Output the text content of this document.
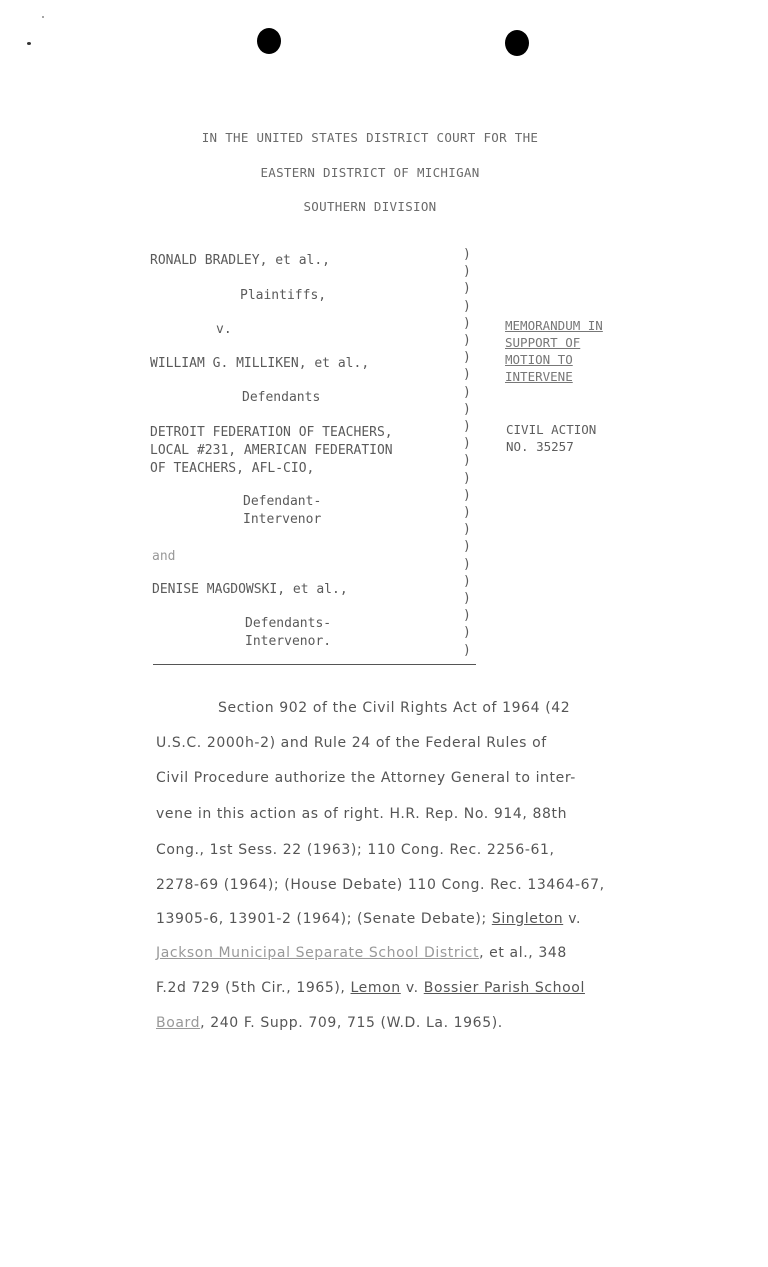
IN THE UNITED STATES DISTRICT COURT FOR THE
EASTERN DISTRICT OF MICHIGAN
SOUTHERN DIVISION
RONALD BRADLEY, et al.,
Plaintiffs,
v.
WILLIAM G. MILLIKEN, et al.,
Defendants
DETROIT FEDERATION OF TEACHERS,
LOCAL #231, AMERICAN FEDERATION
OF TEACHERS, AFL-CIO,
Defendant-
Intervenor
and
DENISE MAGDOWSKI, et al.,
Defendants-
Intervenor.
)
)
)
)
)
)
)
)
)
)
)
)
)
)
)
)
)
)
)
)
)
)
)
)
MEMORANDUM IN
SUPPORT OF
MOTION TO
INTERVENE
CIVIL ACTION
NO. 35257
Section 902 of the Civil Rights Act of 1964 (42
U.S.C. 2000h-2) and Rule 24 of the Federal Rules of
Civil Procedure authorize the Attorney General to inter-
vene in this action as of right. H.R. Rep. No. 914, 88th
Cong., 1st Sess. 22 (1963); 110 Cong. Rec. 2256-61,
2278-69 (1964); (House Debate) 110 Cong. Rec. 13464-67,
13905-6, 13901-2 (1964); (Senate Debate); Singleton v.
Jackson Municipal Separate School District, et al., 348
F.2d 729 (5th Cir., 1965), Lemon v. Bossier Parish School
Board, 240 F. Supp. 709, 715 (W.D. La. 1965).
